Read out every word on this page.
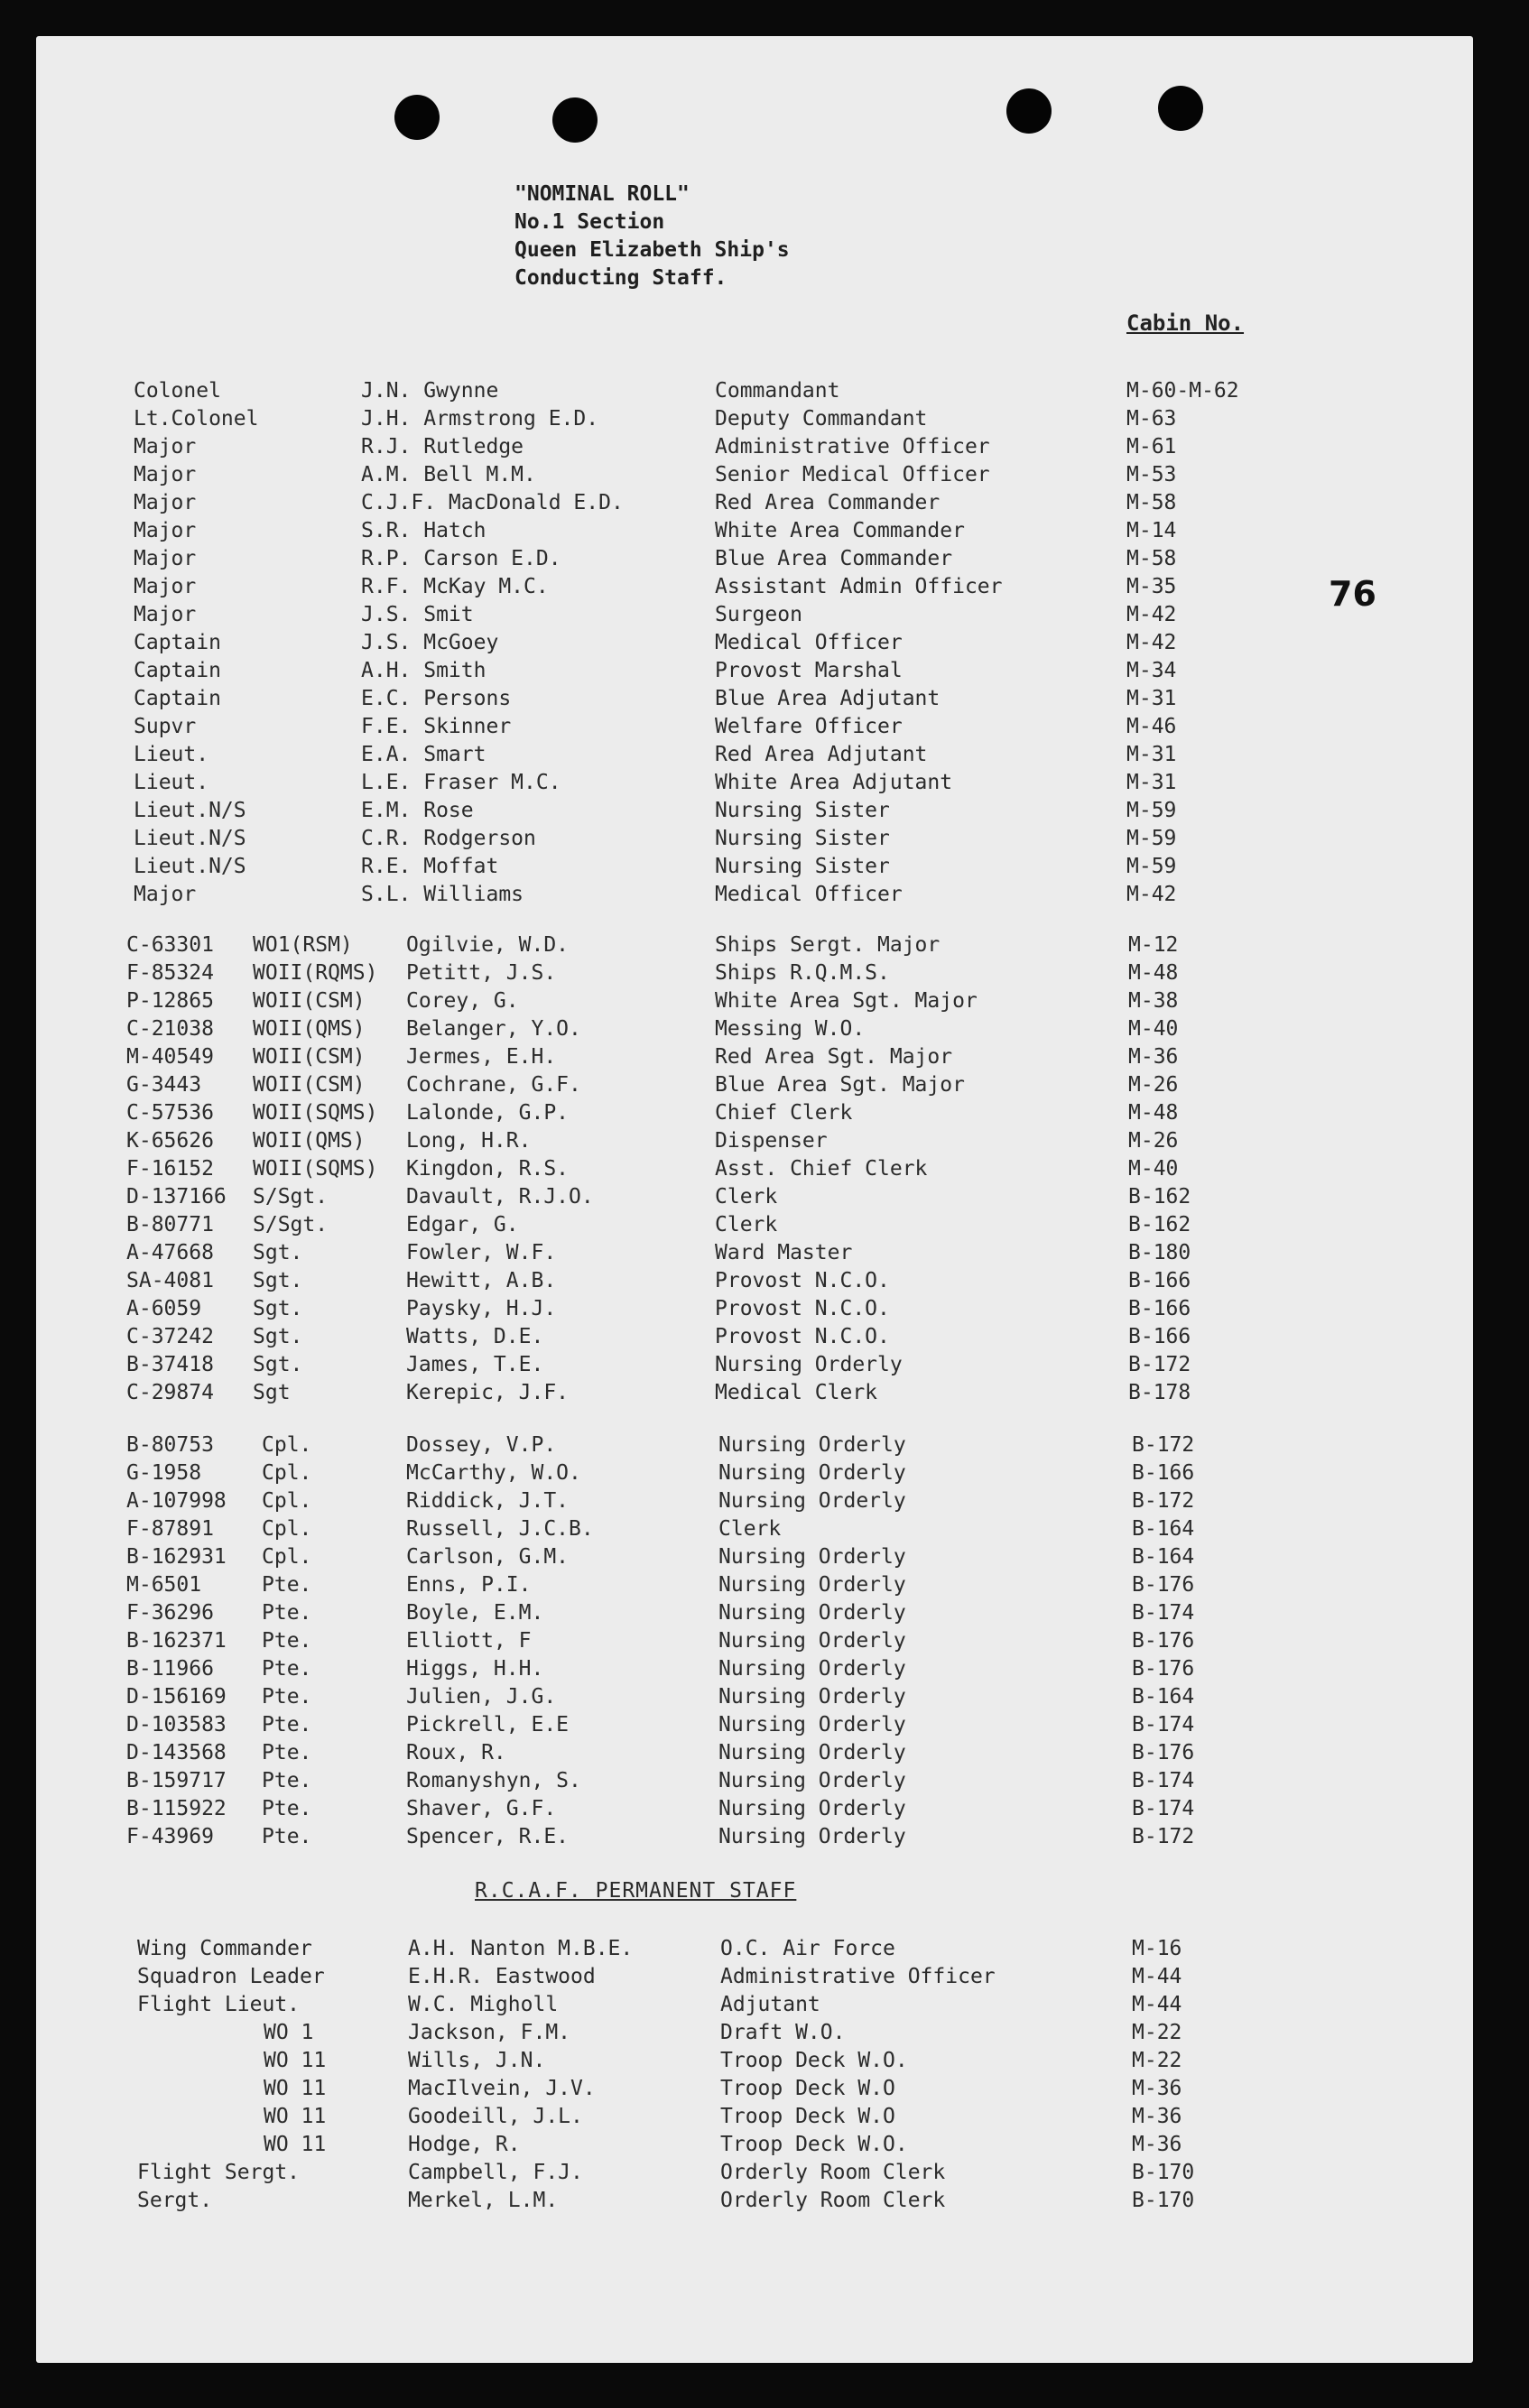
"NOMINAL ROLL"
No.1 Section
Queen Elizabeth Ship's
Conducting Staff.
Cabin No.
76
Colonel	J.N. Gwynne	Commandant	M-60-M-62
Lt.Colonel	J.H. Armstrong E.D.	Deputy Commandant	M-63
Major	R.J. Rutledge	Administrative Officer	M-61
Major	A.M. Bell M.M.	Senior Medical Officer	M-53
Major	C.J.F. MacDonald E.D.	Red Area Commander	M-58
Major	S.R. Hatch	White Area Commander	M-14
Major	R.P. Carson E.D.	Blue Area Commander	M-58
Major	R.F. McKay M.C.	Assistant Admin Officer	M-35
Major	J.S. Smit	Surgeon	M-42
Captain	J.S. McGoey	Medical Officer	M-42
Captain	A.H. Smith	Provost Marshal	M-34
Captain	E.C. Persons	Blue Area Adjutant	M-31
Supvr	F.E. Skinner	Welfare Officer	M-46
Lieut.	E.A. Smart	Red Area Adjutant	M-31
Lieut.	L.E. Fraser M.C.	White Area Adjutant	M-31
Lieut.N/S	E.M. Rose	Nursing Sister	M-59
Lieut.N/S	C.R. Rodgerson	Nursing Sister	M-59
Lieut.N/S	R.E. Moffat	Nursing Sister	M-59
Major	S.L. Williams	Medical Officer	M-42
C-63301 WO1(RSM)	Ogilvie, W.D.	Ships Sergt. Major	M-12
F-85324 WOII(RQMS) Petitt, J.S.	Ships R.Q.M.S.	M-48
P-12865 WOII(CSM) Corey, G.	White Area Sgt. Major	M-38
C-21038 WOII(QMS) Belanger, Y.O.	Messing W.O.	M-40
M-40549 WOII(CSM) Jermes, E.H.	Red Area Sgt. Major	M-36
G-3443 WOII(CSM) Cochrane, G.F.	Blue Area Sgt. Major	M-26
C-57536 WOII(SQMS) Lalonde, G.P.	Chief Clerk	M-48
K-65626 WOII(QMS) Long, H.R.	Dispenser	M-26
F-16152 WOII(SQMS) Kingdon, R.S.	Asst. Chief Clerk	M-40
D-137166 S/Sgt.	Davault, R.J.O.	Clerk	B-162
B-80771 S/Sgt.	Edgar, G.	Clerk	B-162
A-47668 Sgt.	Fowler, W.F.	Ward Master	B-180
SA-4081 Sgt.	Hewitt, A.B.	Provost N.C.O.	B-166
A-6059 Sgt.	Paysky, H.J.	Provost N.C.O.	B-166
C-37242 Sgt.	Watts, D.E.	Provost N.C.O.	B-166
B-37418 Sgt.	James, T.E.	Nursing Orderly	B-172
C-29874 Sgt	Kerepic, J.F.	Medical Clerk	B-178
B-80753 Cpl.	Dossey, V.P.	Nursing Orderly	B-172
G-1958	Cpl.	McCarthy, W.O.	Nursing Orderly	B-166
A-107998 Cpl.	Riddick, J.T.	Nursing Orderly	B-172
F-87891 Cpl.	Russell, J.C.B.	Clerk	B-164
B-162931 Cpl.	Carlson, G.M.	Nursing Orderly	B-164
M-6501	Pte.	Enns, P.I.	Nursing Orderly	B-176
F-36296 Pte.	Boyle, E.M.	Nursing Orderly	B-174
B-162371 Pte.	Elliott, F	Nursing Orderly	B-176
B-11966 Pte.	Higgs, H.H.	Nursing Orderly	B-176
D-156169 Pte.	Julien, J.G.	Nursing Orderly	B-164
D-103583 Pte.	Pickrell, E.E	Nursing Orderly	B-174
D-143568 Pte.	Roux, R.	Nursing Orderly	B-176
B-159717 Pte.	Romanyshyn, S.	Nursing Orderly	B-174
B-115922 Pte.	Shaver, G.F.	Nursing Orderly	B-174
F-43969 Pte.	Spencer, R.E.	Nursing Orderly	B-172
R.C.A.F. PERMANENT STAFF
Wing Commander	A.H. Nanton M.B.E.	O.C. Air Force	M-16
Squadron Leader	E.H.R. Eastwood	Administrative Officer	M-44
Flight Lieut.	W.C. Migholl	Adjutant	M-44
WO 1	Jackson, F.M.	Draft W.O.	M-22
WO 11	Wills, J.N.	Troop Deck W.O.	M-22
WO 11	MacIlvein, J.V.	Troop Deck W.O	M-36
WO 11	Goodeill, J.L.	Troop Deck W.O	M-36
WO 11	Hodge, R.	Troop Deck W.O.	M-36
Flight Sergt.	Campbell, F.J.	Orderly Room Clerk	B-170
Sergt.	Merkel, L.M.	Orderly Room Clerk	B-170
